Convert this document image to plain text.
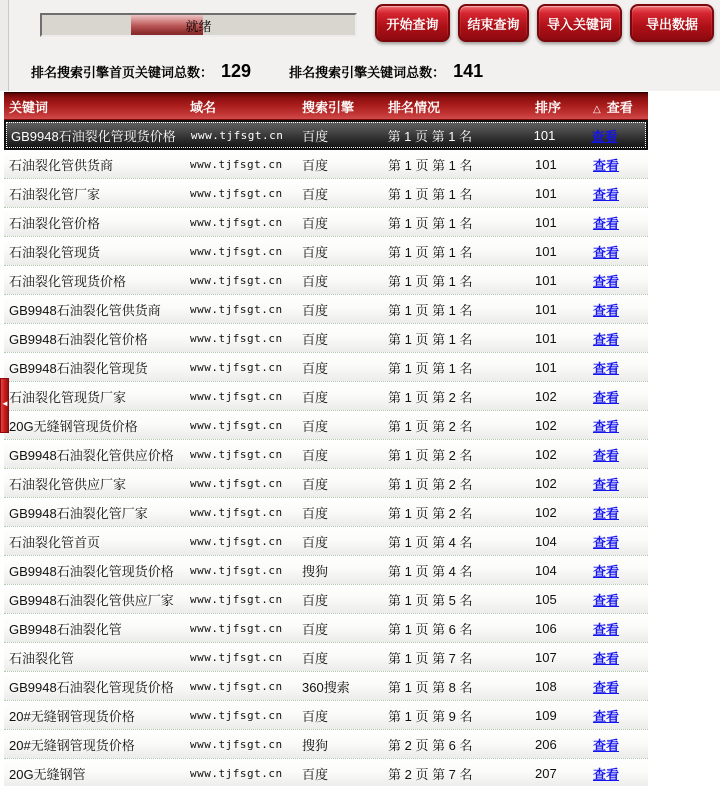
就绪	开始查询	结束查询	导入关键词	导出数据
排名搜索引擎首页关键词总数： 129	排名搜索引擎关键词总数： 141
关键词	域名	搜索引擎	排名情况	排序	△ 查看
GB9948石油裂化管现货价格	www.tjfsgt.cn	百度	第 1 页 第 1 名	101	查看
石油裂化管供货商	www.tjfsgt.cn	百度	第 1 页 第 1 名	101	查看
石油裂化管厂家	www.tjfsgt.cn	百度	第 1 页 第 1 名	101	查看
石油裂化管价格	www.tjfsgt.cn	百度	第 1 页 第 1 名	101	查看
石油裂化管现货	www.tjfsgt.cn	百度	第 1 页 第 1 名	101	查看
石油裂化管现货价格	www.tjfsgt.cn	百度	第 1 页 第 1 名	101	查看
GB9948石油裂化管供货商	www.tjfsgt.cn	百度	第 1 页 第 1 名	101	查看
GB9948石油裂化管价格	www.tjfsgt.cn	百度	第 1 页 第 1 名	101	查看
GB9948石油裂化管现货	www.tjfsgt.cn	百度	第 1 页 第 1 名	101	查看
石油裂化管现货厂家	www.tjfsgt.cn	百度	第 1 页 第 2 名	102	查看
20G无缝钢管现货价格	www.tjfsgt.cn	百度	第 1 页 第 2 名	102	查看
GB9948石油裂化管供应价格	www.tjfsgt.cn	百度	第 1 页 第 2 名	102	查看
石油裂化管供应厂家	www.tjfsgt.cn	百度	第 1 页 第 2 名	102	查看
GB9948石油裂化管厂家	www.tjfsgt.cn	百度	第 1 页 第 2 名	102	查看
石油裂化管首页	www.tjfsgt.cn	百度	第 1 页 第 4 名	104	查看
GB9948石油裂化管现货价格	www.tjfsgt.cn	搜狗	第 1 页 第 4 名	104	查看
GB9948石油裂化管供应厂家	www.tjfsgt.cn	百度	第 1 页 第 5 名	105	查看
GB9948石油裂化管	www.tjfsgt.cn	百度	第 1 页 第 6 名	106	查看
石油裂化管	www.tjfsgt.cn	百度	第 1 页 第 7 名	107	查看
GB9948石油裂化管现货价格	www.tjfsgt.cn	360搜索	第 1 页 第 8 名	108	查看
20#无缝钢管现货价格	www.tjfsgt.cn	百度	第 1 页 第 9 名	109	查看
20#无缝钢管现货价格	www.tjfsgt.cn	搜狗	第 2 页 第 6 名	206	查看
20G无缝钢管	www.tjfsgt.cn	百度	第 2 页 第 7 名	207	查看
◄
